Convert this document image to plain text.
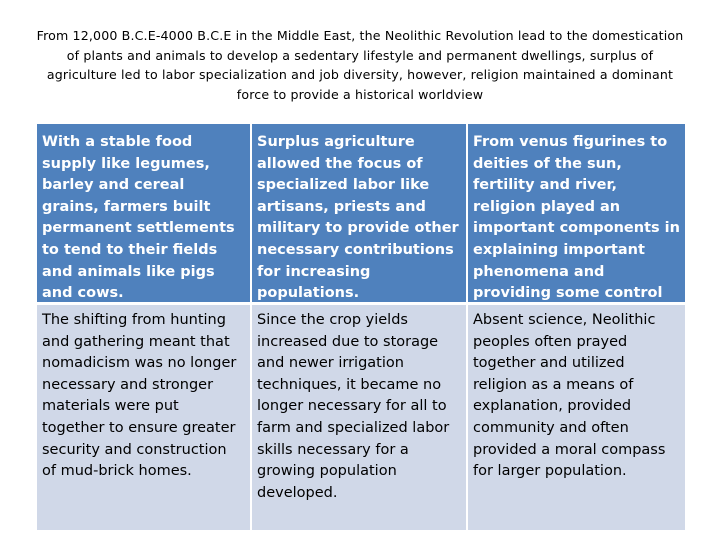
From 12,000 B.C.E-4000 B.C.E in the Middle East, the Neolithic Revolution lead to the domestication of plants and animals to develop a sedentary lifestyle and permanent dwellings, surplus of agriculture led to labor specialization and job diversity, however, religion maintained a dominant force to provide a historical worldview
With a stable food supply like legumes, barley and cereal grains, farmers built permanent settlements to tend to their fields and animals like pigs and cows.
Surplus agriculture allowed the focus of specialized labor like artisans, priests and military to provide other necessary contributions for increasing populations.
From venus figurines to deities of the sun, fertility and river, religion played an important components in explaining important phenomena and providing some control
The shifting from hunting and gathering meant that nomadicism was no longer necessary and stronger materials were put together to ensure greater security and construction of mud-brick homes.
Since the crop yields increased due to storage and newer irrigation techniques, it became no longer necessary for all to farm and specialized labor skills necessary for a growing population developed.
Absent science, Neolithic peoples often prayed together and utilized religion as a means of explanation, provided community and often provided a moral compass for larger population.
